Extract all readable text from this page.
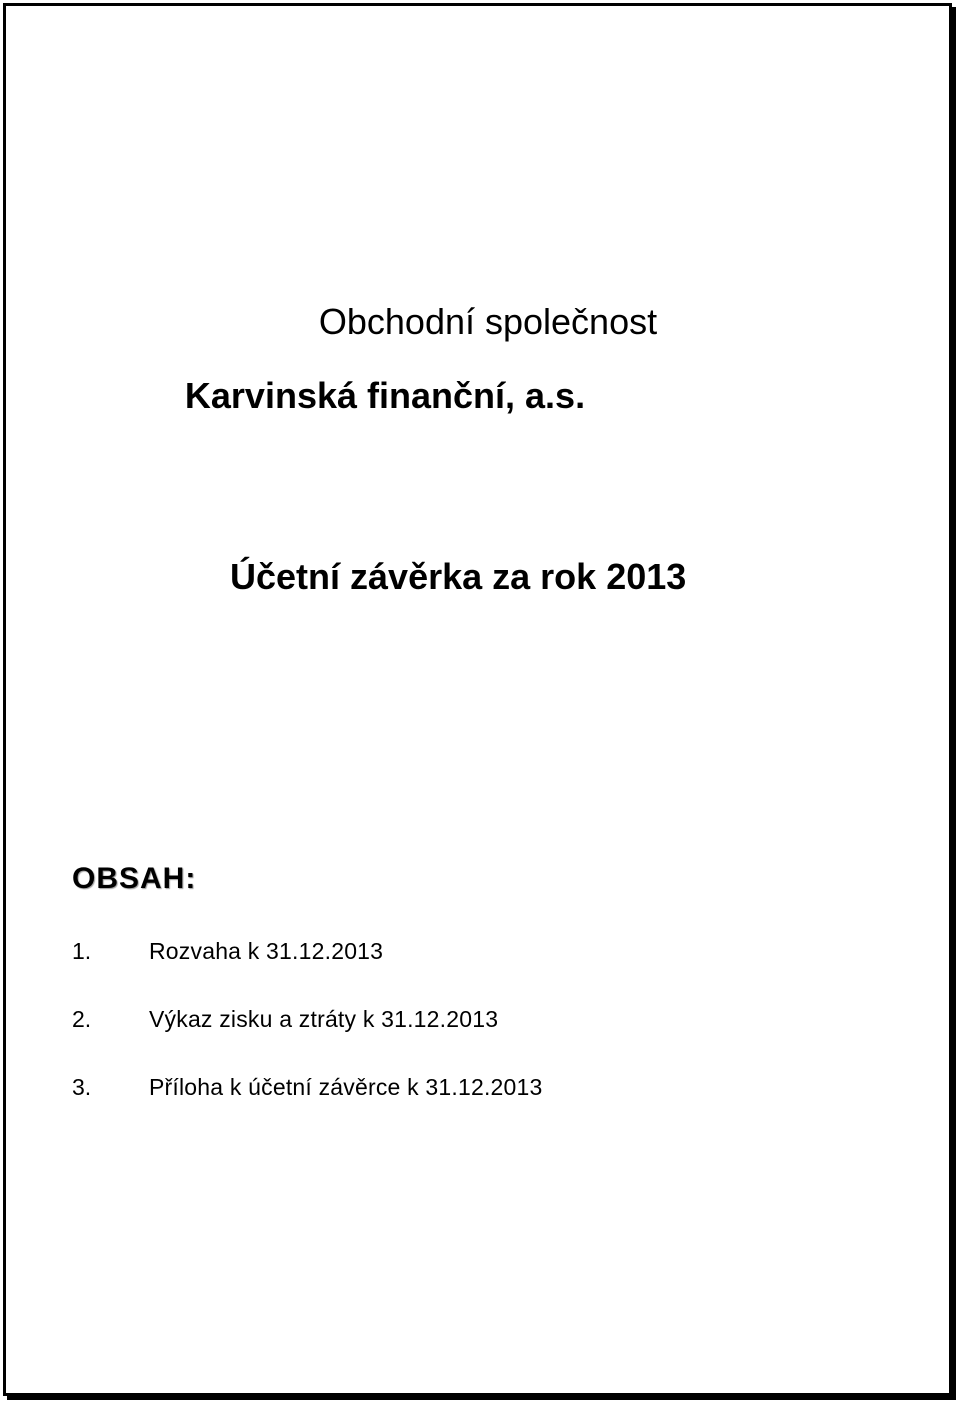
Obchodní společnost
Karvinská finanční, a.s.
Účetní závěrka za rok 2013
OBSAH:
1.	Rozvaha k 31.12.2013
2.	Výkaz zisku a ztráty k 31.12.2013
3.	Příloha k účetní závěrce k 31.12.2013
